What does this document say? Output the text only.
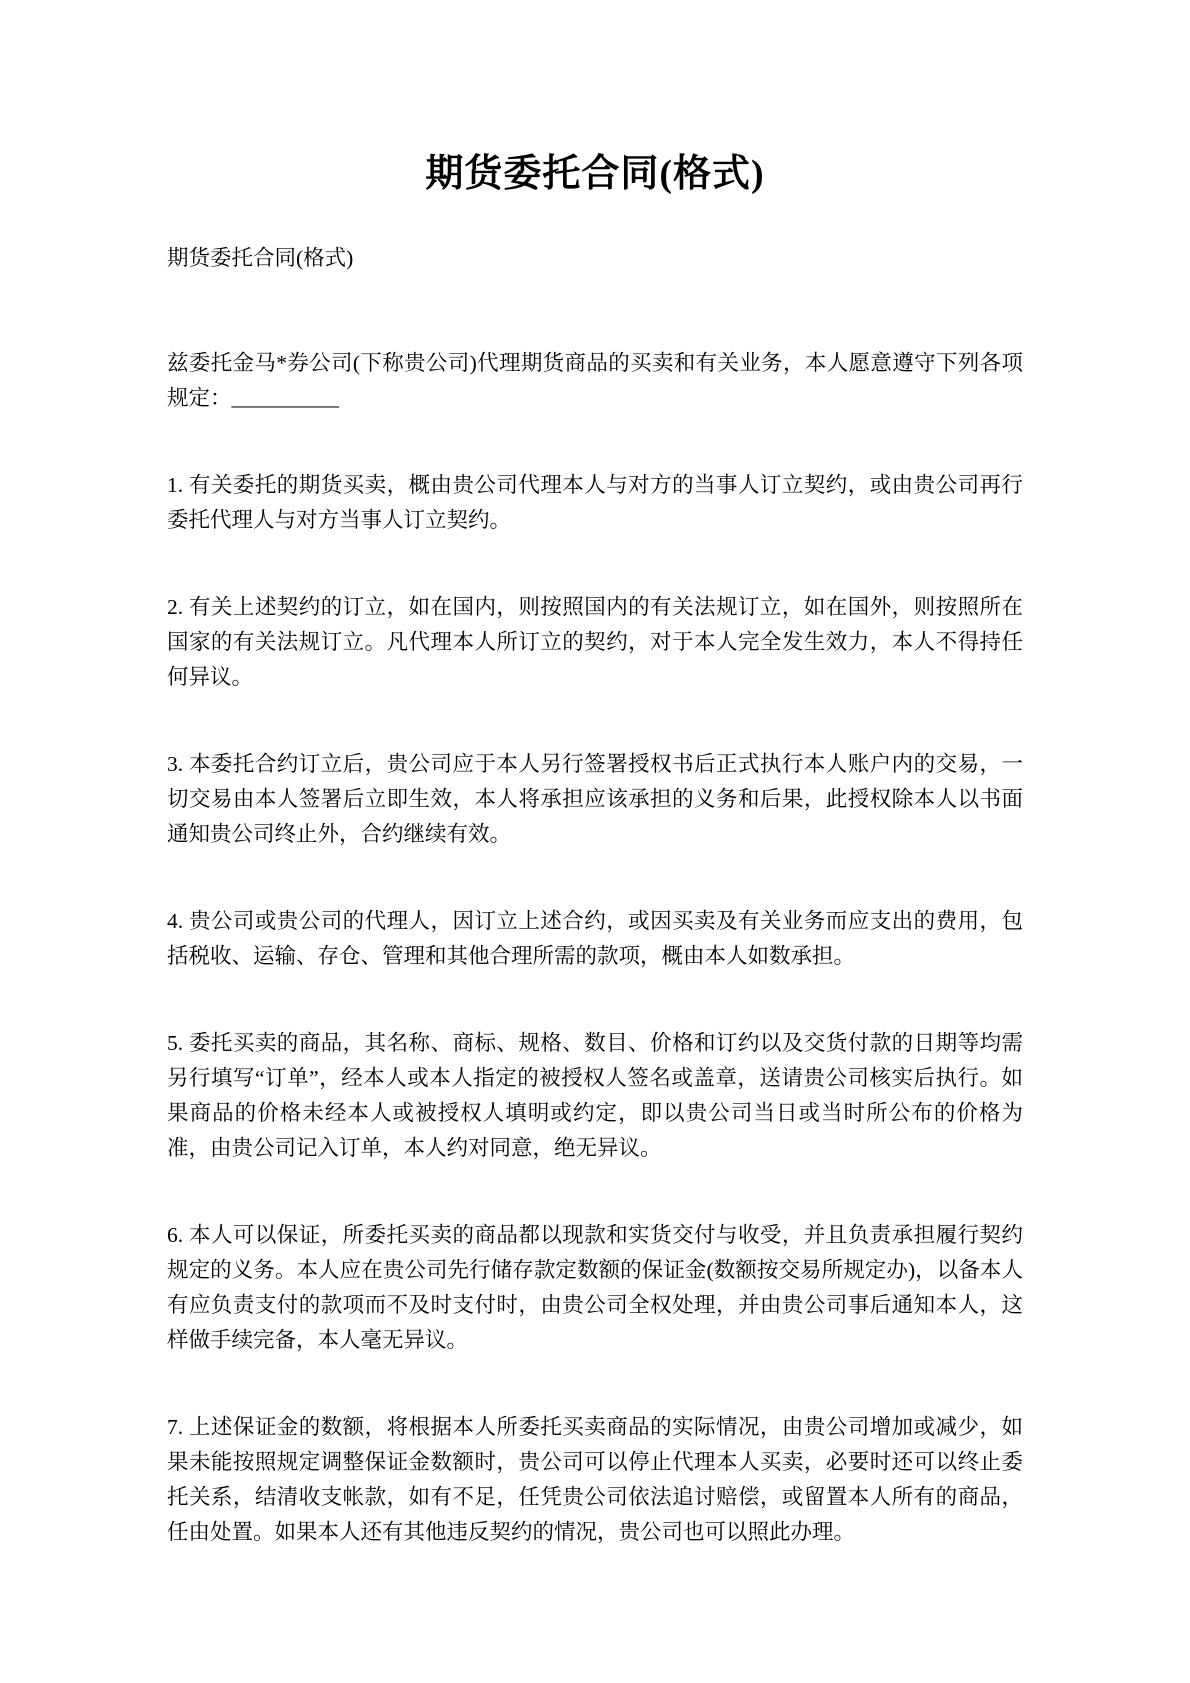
期货委托合同(格式)

期货委托合同(格式)

兹委托金马*券公司(下称贵公司)代理期货商品的买卖和有关业务，本人愿意遵守下列各项规定：__________

1. 有关委托的期货买卖，概由贵公司代理本人与对方的当事人订立契约，或由贵公司再行委托代理人与对方当事人订立契约。

2. 有关上述契约的订立，如在国内，则按照国内的有关法规订立，如在国外，则按照所在国家的有关法规订立。凡代理本人所订立的契约，对于本人完全发生效力，本人不得持任何异议。

3. 本委托合约订立后，贵公司应于本人另行签署授权书后正式执行本人账户内的交易，一切交易由本人签署后立即生效，本人将承担应该承担的义务和后果，此授权除本人以书面通知贵公司终止外，合约继续有效。

4. 贵公司或贵公司的代理人，因订立上述合约，或因买卖及有关业务而应支出的费用，包括税收、运输、存仓、管理和其他合理所需的款项，概由本人如数承担。

5. 委托买卖的商品，其名称、商标、规格、数目、价格和订约以及交货付款的日期等均需另行填写“订单”，经本人或本人指定的被授权人签名或盖章，送请贵公司核实后执行。如果商品的价格未经本人或被授权人填明或约定，即以贵公司当日或当时所公布的价格为准，由贵公司记入订单，本人约对同意，绝无异议。

6. 本人可以保证，所委托买卖的商品都以现款和实货交付与收受，并且负责承担履行契约规定的义务。本人应在贵公司先行储存款定数额的保证金(数额按交易所规定办)，以备本人有应负责支付的款项而不及时支付时，由贵公司全权处理，并由贵公司事后通知本人，这样做手续完备，本人毫无异议。

7. 上述保证金的数额，将根据本人所委托买卖商品的实际情况，由贵公司增加或减少，如果未能按照规定调整保证金数额时，贵公司可以停止代理本人买卖，必要时还可以终止委托关系，结清收支帐款，如有不足，任凭贵公司依法追讨赔偿，或留置本人所有的商品，任由处置。如果本人还有其他违反契约的情况，贵公司也可以照此办理。
